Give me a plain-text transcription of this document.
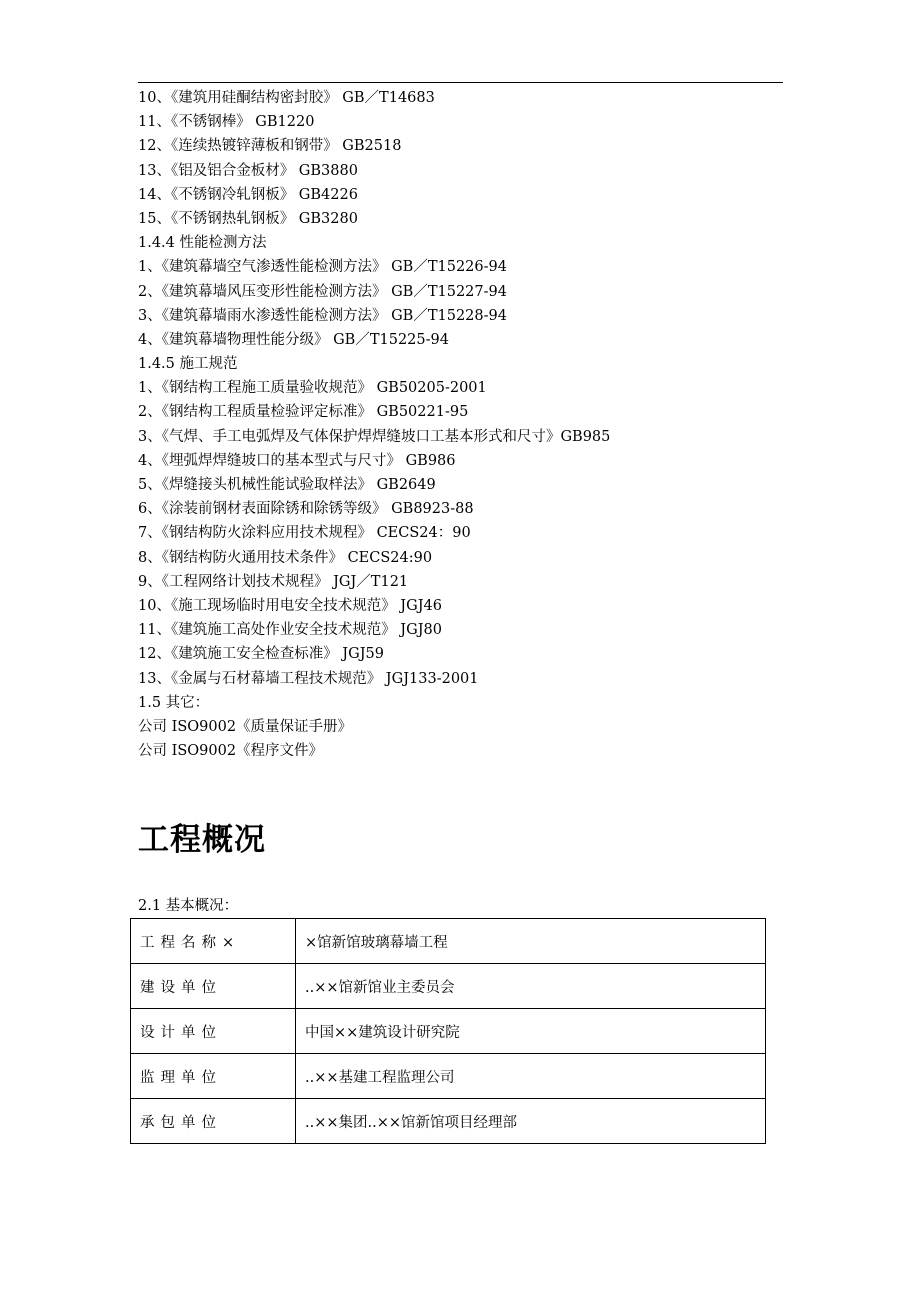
10、《建筑用硅酮结构密封胶》 GB／T14683
11、《不锈钢棒》 GB1220
12、《连续热镀锌薄板和钢带》 GB2518
13、《铝及铝合金板材》 GB3880
14、《不锈钢冷轧钢板》 GB4226
15、《不锈钢热轧钢板》 GB3280
1.4.4 性能检测方法
1、《建筑幕墙空气渗透性能检测方法》 GB／T15226-94
2、《建筑幕墙风压变形性能检测方法》 GB／T15227-94
3、《建筑幕墙雨水渗透性能检测方法》 GB／T15228-94
4、《建筑幕墙物理性能分级》 GB／T15225-94
1.4.5 施工规范
1、《钢结构工程施工质量验收规范》 GB50205-2001
2、《钢结构工程质量检验评定标准》 GB50221-95
3、《气焊、手工电弧焊及气体保护焊焊缝坡口工基本形式和尺寸》GB985
4、《埋弧焊焊缝坡口的基本型式与尺寸》 GB986
5、《焊缝接头机械性能试验取样法》 GB2649
6、《涂装前钢材表面除锈和除锈等级》 GB8923-88
7、《钢结构防火涂料应用技术规程》 CECS24：90
8、《钢结构防火通用技术条件》 CECS24:90
9、《工程网络计划技术规程》 JGJ／T121
10、《施工现场临时用电安全技术规范》 JGJ46
11、《建筑施工高处作业安全技术规范》 JGJ80
12、《建筑施工安全检查标准》 JGJ59
13、《金属与石材幕墙工程技术规范》 JGJ133-2001
1.5 其它：
公司 ISO9002《质量保证手册》
公司 ISO9002《程序文件》
工程概况
2.1 基本概况：
工程名称×	×馆新馆玻璃幕墙工程
建设单位	..××馆新馆业主委员会
设计单位	中国××建筑设计研究院
监理单位	..××基建工程监理公司
承包单位	..××集团..××馆新馆项目经理部
